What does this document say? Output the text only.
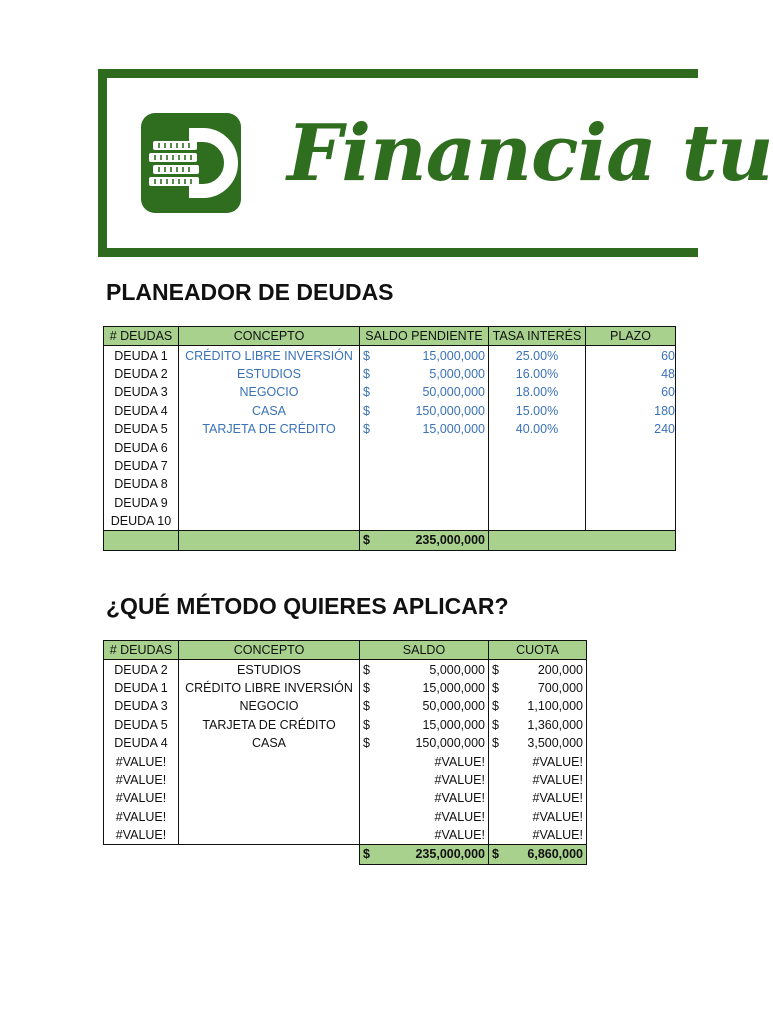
Financia tu
PLANEADOR DE DEUDAS
# DEUDAS	CONCEPTO	SALDO PENDIENTE	TASA INTERÉS	PLAZO
DEUDA 1	CRÉDITO LIBRE INVERSIÓN	$ 15,000,000	25.00%	60
DEUDA 2	ESTUDIOS	$ 5,000,000	16.00%	48
DEUDA 3	NEGOCIO	$ 50,000,000	18.00%	60
DEUDA 4	CASA	$ 150,000,000	15.00%	180
DEUDA 5	TARJETA DE CRÉDITO	$ 15,000,000	40.00%	240
DEUDA 6		

DEUDA 7		

DEUDA 8		

DEUDA 9		

DEUDA 10		

		$ 235,000,000		

¿QUÉ MÉTODO QUIERES APLICAR?
# DEUDAS	CONCEPTO	SALDO	CUOTA
DEUDA 2	ESTUDIOS	$ 5,000,000	$ 200,000

DEUDA 1	CRÉDITO LIBRE INVERSIÓN	$ 15,000,000	$ 700,000

DEUDA 3	NEGOCIO	$ 50,000,000	$ 1,100,000

DEUDA 5	TARJETA DE CRÉDITO	$ 15,000,000	$ 1,360,000

DEUDA 4	CASA	$ 150,000,000	$ 3,500,000

#VALUE!		#VALUE!	#VALUE!

#VALUE!		#VALUE!	#VALUE!

#VALUE!		#VALUE!	#VALUE!

#VALUE!		#VALUE!	#VALUE!

#VALUE!		#VALUE!	#VALUE!

		$ 235,000,000	$ 6,860,000
